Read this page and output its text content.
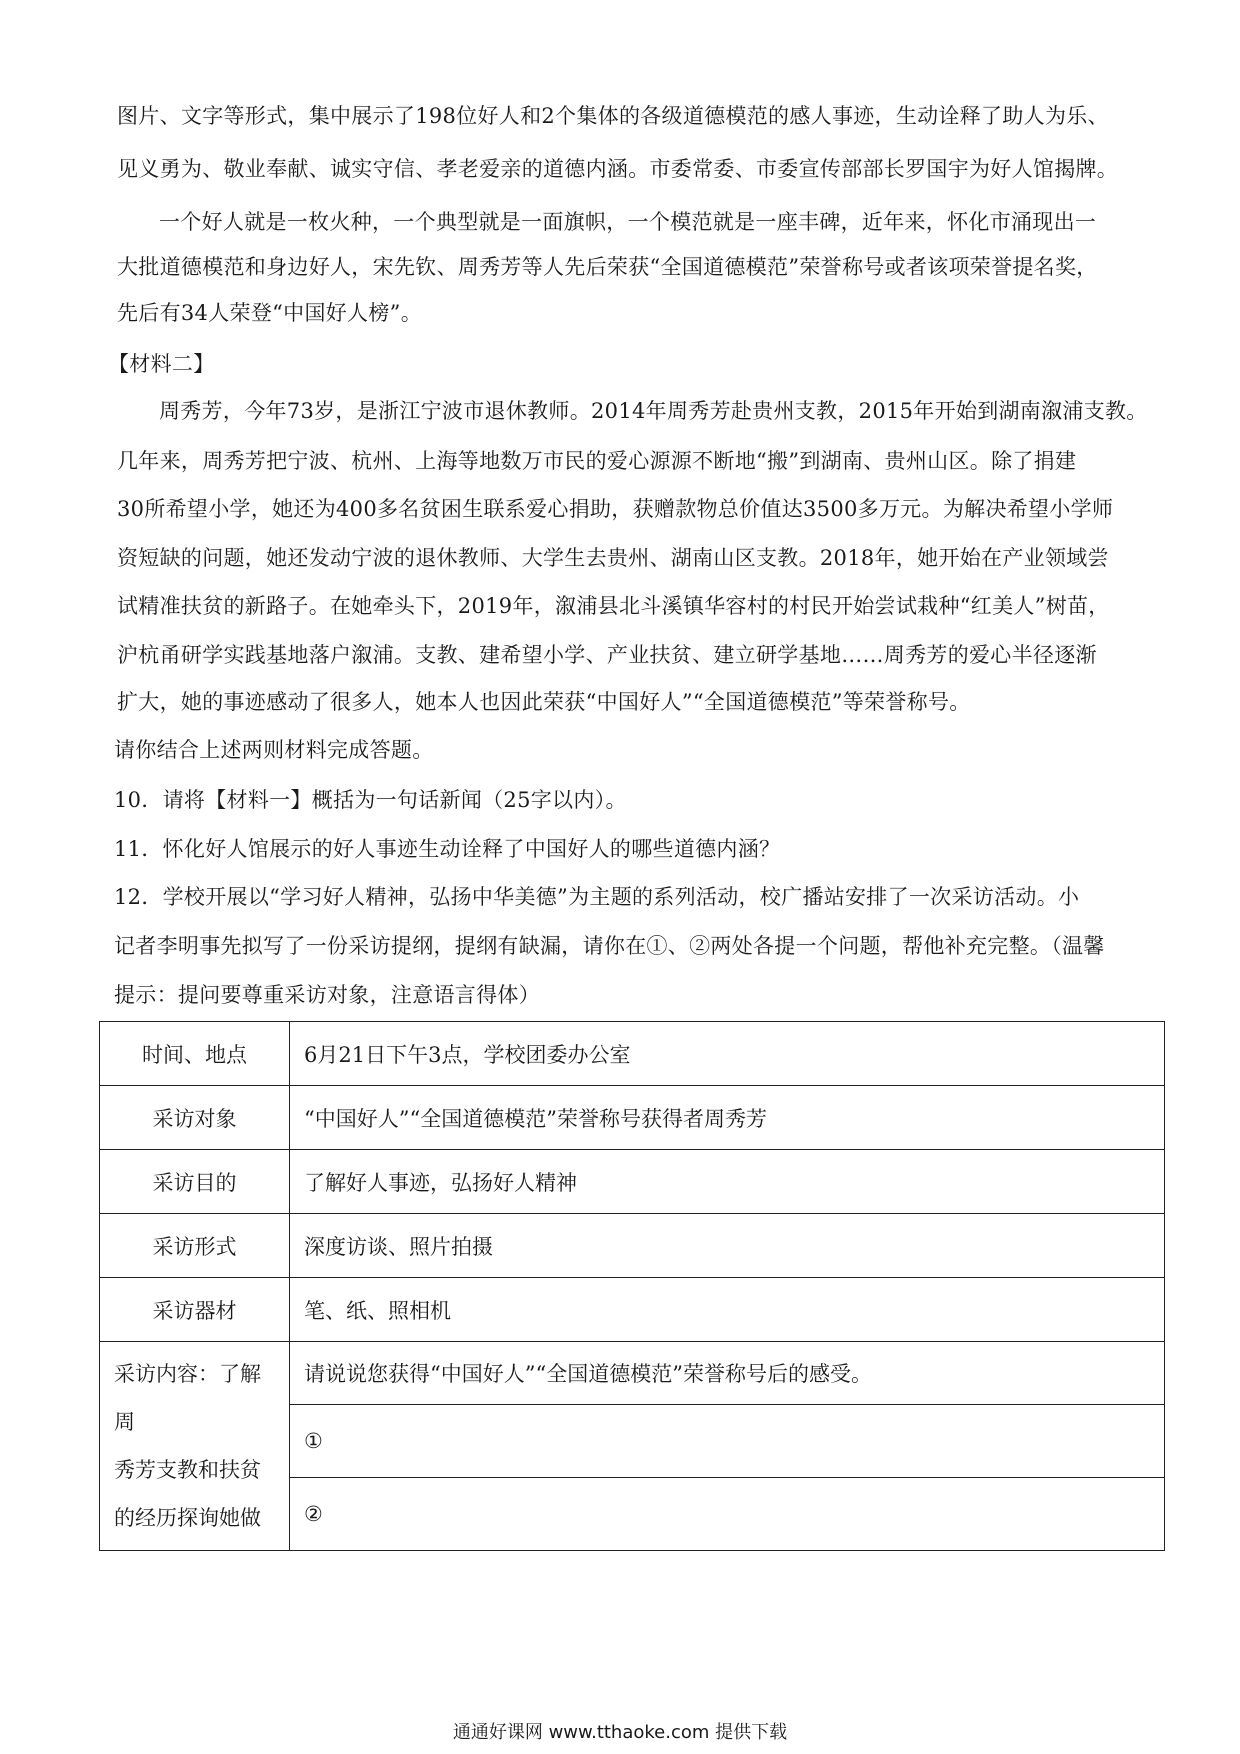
图片、文字等形式，集中展示了198位好人和2个集体的各级道德模范的感人事迹，生动诠释了助人为乐、
见义勇为、敬业奉献、诚实守信、孝老爱亲的道德内涵。市委常委、市委宣传部部长罗国宇为好人馆揭牌。
一个好人就是一枚火种，一个典型就是一面旗帜，一个模范就是一座丰碑，近年来，怀化市涌现出一
大批道德模范和身边好人，宋先钦、周秀芳等人先后荣获“全国道德模范”荣誉称号或者该项荣誉提名奖，
先后有34人荣登“中国好人榜”。
【材料二】
周秀芳，今年73岁，是浙江宁波市退休教师。2014年周秀芳赴贵州支教，2015年开始到湖南溆浦支教。
几年来，周秀芳把宁波、杭州、上海等地数万市民的爱心源源不断地“搬”到湖南、贵州山区。除了捐建
30所希望小学，她还为400多名贫困生联系爱心捐助，获赠款物总价值达3500多万元。为解决希望小学师
资短缺的问题，她还发动宁波的退休教师、大学生去贵州、湖南山区支教。2018年，她开始在产业领域尝
试精准扶贫的新路子。在她牵头下，2019年，溆浦县北斗溪镇华容村的村民开始尝试栽种“红美人”树苗，
沪杭甬研学实践基地落户溆浦。支教、建希望小学、产业扶贫、建立研学基地……周秀芳的爱心半径逐渐
扩大，她的事迹感动了很多人，她本人也因此荣获“中国好人”“全国道德模范”等荣誉称号。
请你结合上述两则材料完成答题。
10．请将【材料一】概括为一句话新闻（25字以内）。
11．怀化好人馆展示的好人事迹生动诠释了中国好人的哪些道德内涵？
12．学校开展以“学习好人精神，弘扬中华美德”为主题的系列活动，校广播站安排了一次采访活动。小
记者李明事先拟写了一份采访提纲，提纲有缺漏，请你在①、②两处各提一个问题，帮他补充完整。（温馨
提示：提问要尊重采访对象，注意语言得体）
时间、地点	6月21日下午3点，学校团委办公室
采访对象	“中国好人”“全国道德模范”荣誉称号获得者周秀芳
采访目的	了解好人事迹，弘扬好人精神
采访形式	深度访谈、照片拍摄
采访器材	笔、纸、照相机

采访内容：了解周
秀芳支教和扶贫
的经历探询她做	请说说您获得“中国好人”“全国道德模范”荣誉称号后的感受。
	①
	②
通通好课网 www.tthaoke.com 提供下载
